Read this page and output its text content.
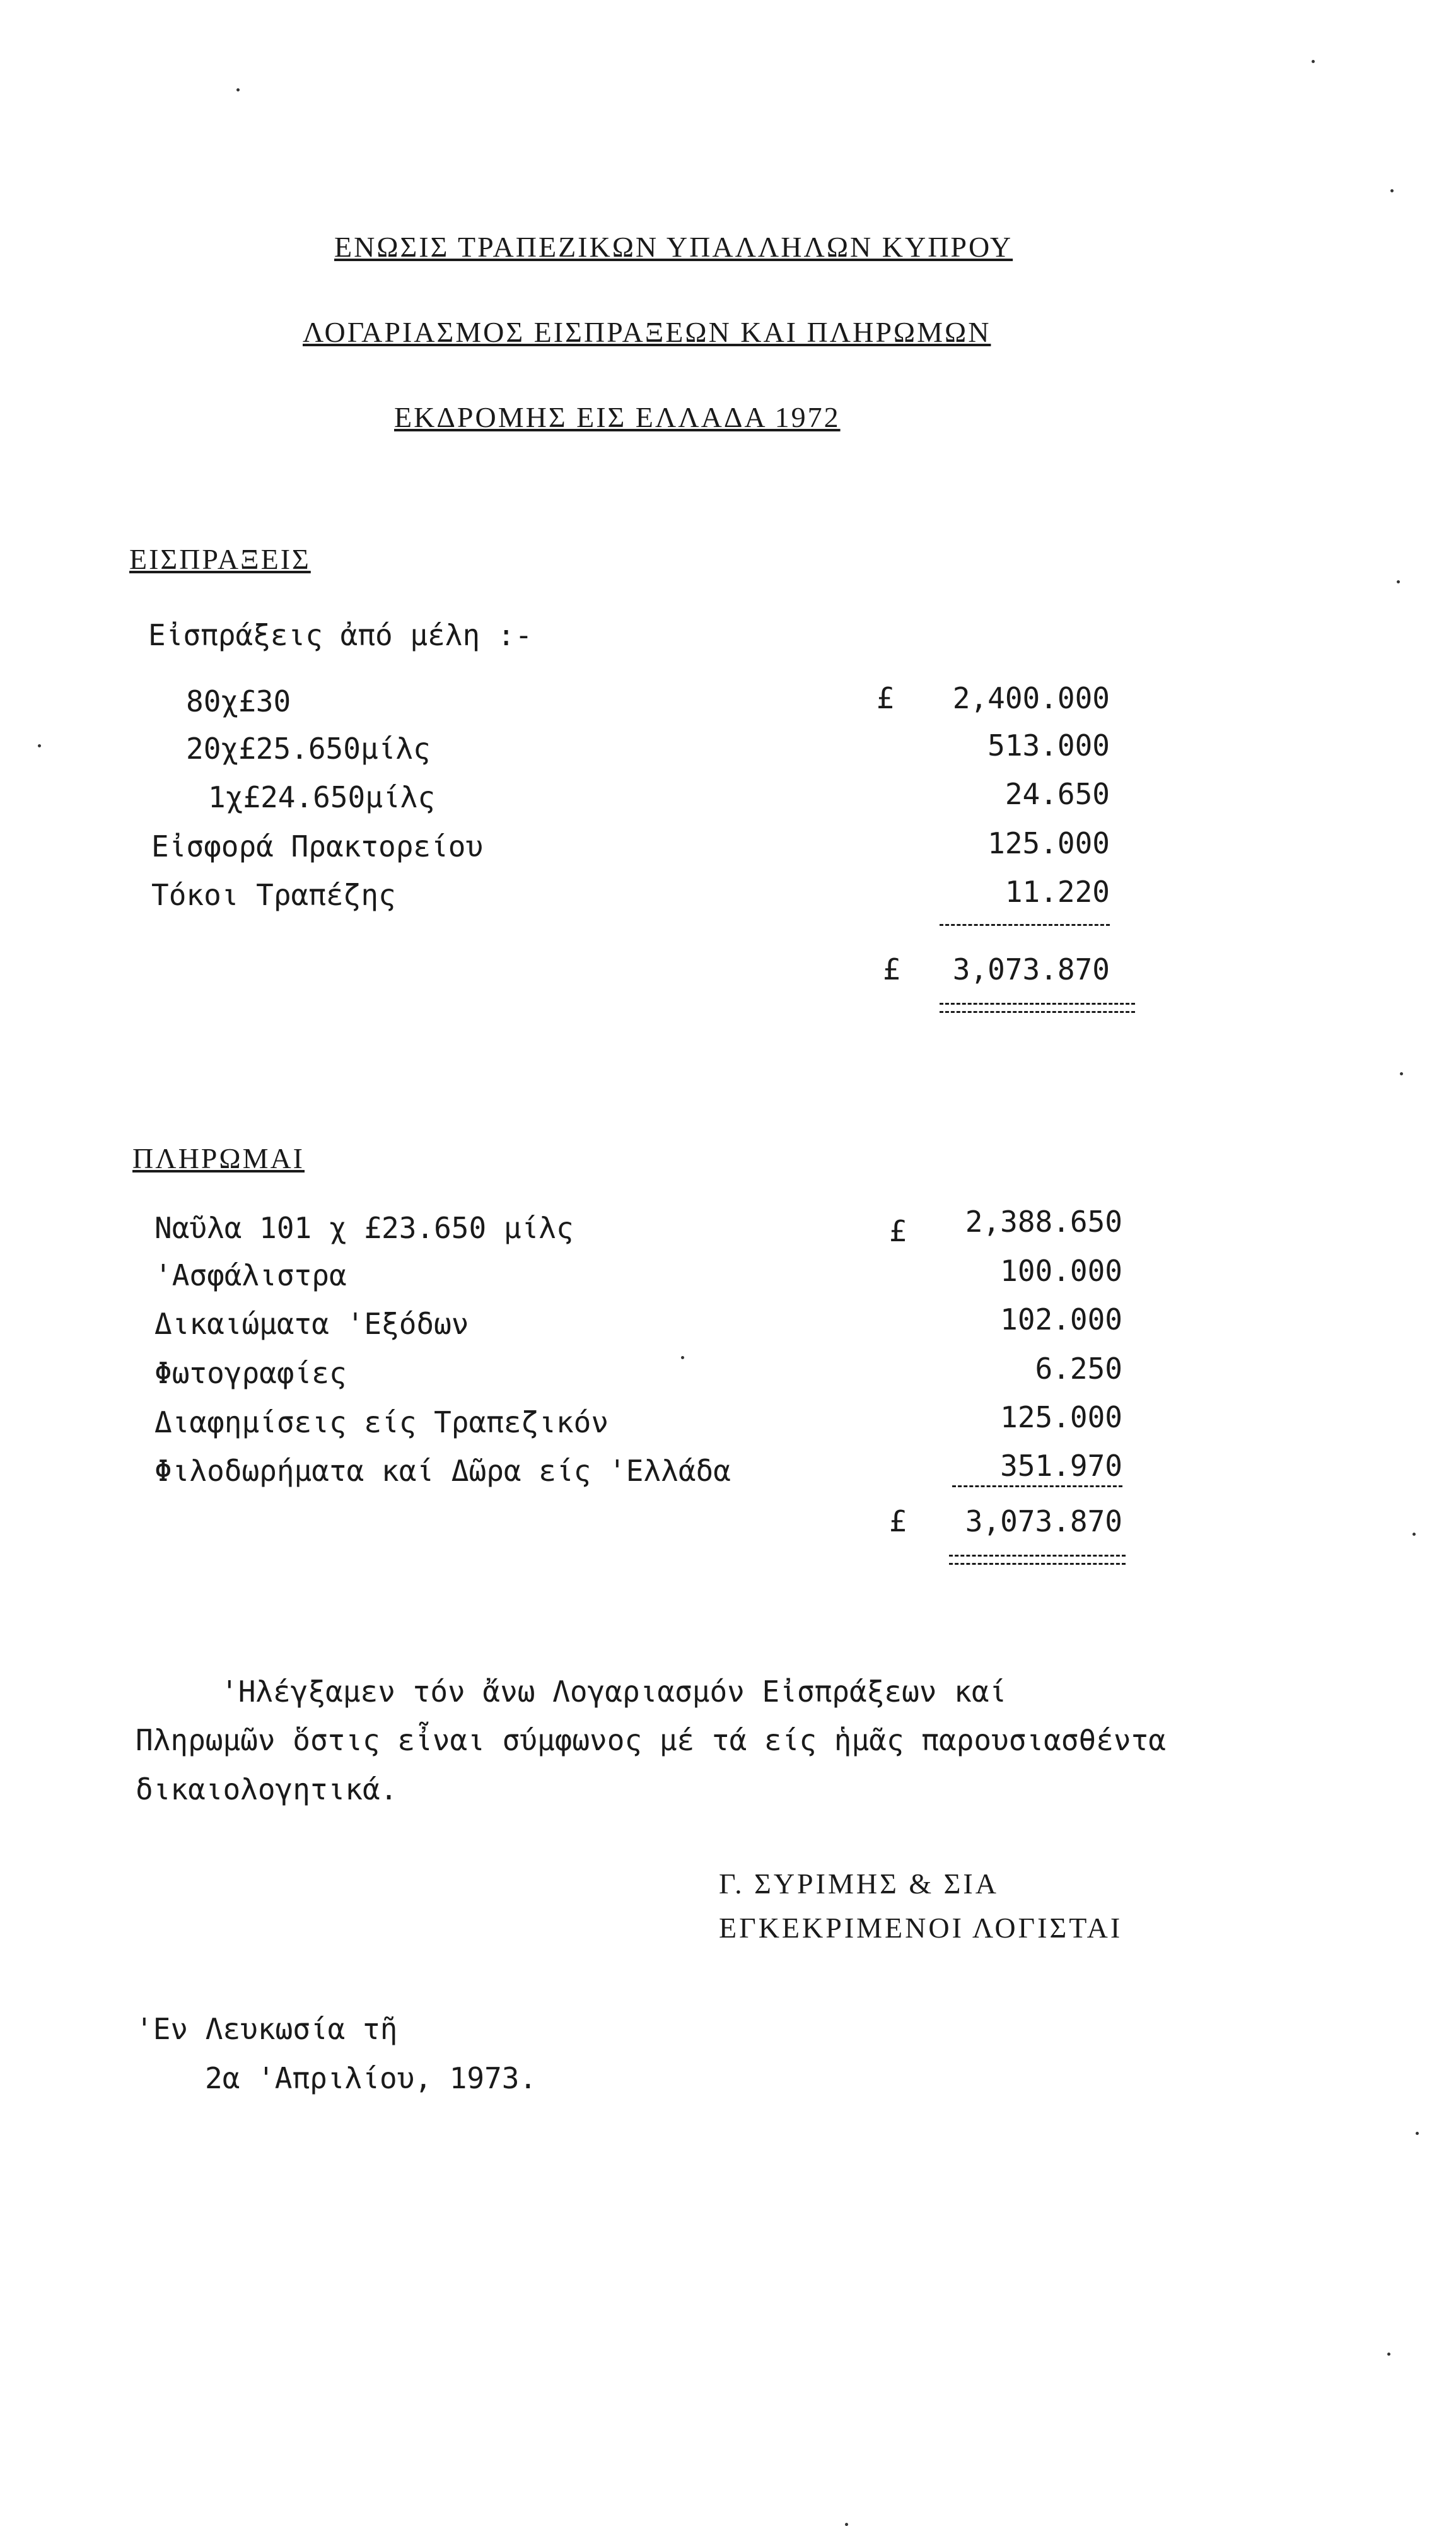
ΕΝΩΣΙΣ ΤΡΑΠΕΖΙΚΩΝ ΥΠΑΛΛΗΛΩΝ ΚΥΠΡΟΥ
ΛΟΓΑΡΙΑΣΜΟΣ ΕΙΣΠΡΑΞΕΩΝ ΚΑΙ ΠΛΗΡΩΜΩΝ
ΕΚΔΡΟΜΗΣ ΕΙΣ ΕΛΛΑΔΑ 1972
ΕΙΣΠΡΑΞΕΙΣ
Εἰσπράξεις ἀπό μέλη :-
80χ£30	£	2,400.000
20χ£25.650μίλς	513.000
1χ£24.650μίλς	24.650
Εἰσφορά Πρακτορείου	125.000
Τόκοι Τραπέζης	11.220
£	3,073.870
ΠΛΗΡΩΜΑΙ
Ναῦλα 101 χ £23.650 μίλς	£	2,388.650
'Ασφάλιστρα	100.000
Δικαιώματα 'Εξόδων	102.000
Φωτογραφίες	6.250
Διαφημίσεις είς Τραπεζικόν	125.000
Φιλοδωρήματα καί Δῶρα είς 'Ελλάδα	351.970
£	3,073.870
'Ηλέγξαμεν τόν ἄνω Λογαριασμόν Εἰσπράξεων καί
Πληρωμῶν ὅστις εἶναι σύμφωνος μέ τά είς ἡμᾶς παρουσιασθέντα
δικαιολογητικά.
Γ. ΣΥΡΙΜΗΣ & ΣΙΑ
ΕΓΚΕΚΡΙΜΕΝΟΙ ΛΟΓΙΣΤΑΙ
'Εν Λευκωσία τῆ
2α 'Απριλίου, 1973.
